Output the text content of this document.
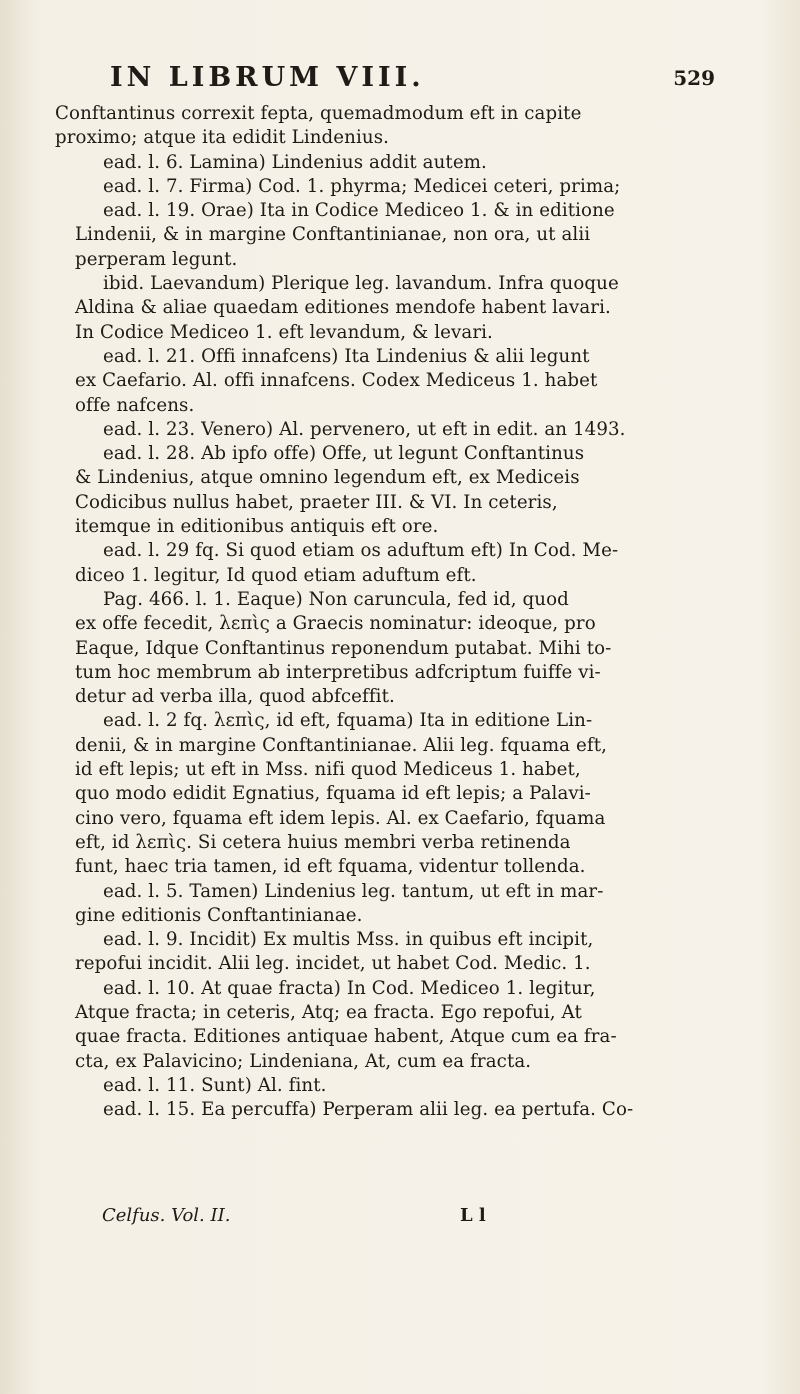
IN LIBRUM VIII.	529
Conftantinus correxit fepta, quemadmodum eft in capite
proximo; atque ita edidit Lindenius.
ead. l. 6. Lamina) Lindenius addit autem.
ead. l. 7. Firma) Cod. 1. phyrma; Medicei ceteri, prima;
ead. l. 19. Orae) Ita in Codice Mediceo 1. & in editione
Lindenii, & in margine Conftantinianae, non ora, ut alii
perperam legunt.
ibid. Laevandum) Plerique leg. lavandum. Infra quoque
Aldina & aliae quaedam editiones mendofe habent lavari.
In Codice Mediceo 1. eft levandum, & levari.
ead. l. 21. Offi innafcens) Ita Lindenius & alii legunt
ex Caefario. Al. offi innafcens. Codex Mediceus 1. habet
offe nafcens.
ead. l. 23. Venero) Al. pervenero, ut eft in edit. an 1493.
ead. l. 28. Ab ipfo offe) Offe, ut legunt Conftantinus
& Lindenius, atque omnino legendum eft, ex Mediceis
Codicibus nullus habet, praeter III. & VI. In ceteris,
itemque in editionibus antiquis eft ore.
ead. l. 29 fq. Si quod etiam os aduftum eft) In Cod. Me-
diceo 1. legitur, Id quod etiam aduftum eft.
Pag. 466. l. 1. Eaque) Non caruncula, fed id, quod
ex offe fecedit, λεπὶς a Graecis nominatur: ideoque, pro
Eaque, Idque Conftantinus reponendum putabat. Mihi to-
tum hoc membrum ab interpretibus adfcriptum fuiffe vi-
detur ad verba illa, quod abfceffit.
ead. l. 2 fq. λεπὶς, id eft, fquama) Ita in editione Lin-
denii, & in margine Conftantinianae. Alii leg. fquama eft,
id eft lepis; ut eft in Mss. nifi quod Mediceus 1. habet,
quo modo edidit Egnatius, fquama id eft lepis; a Palavi-
cino vero, fquama eft idem lepis. Al. ex Caefario, fquama
eft, id λεπὶς. Si cetera huius membri verba retinenda
funt, haec tria tamen, id eft fquama, videntur tollenda.
ead. l. 5. Tamen) Lindenius leg. tantum, ut eft in mar-
gine editionis Conftantinianae.
ead. l. 9. Incidit) Ex multis Mss. in quibus eft incipit,
repofui incidit. Alii leg. incidet, ut habet Cod. Medic. 1.
ead. l. 10. At quae fracta) In Cod. Mediceo 1. legitur,
Atque fracta; in ceteris, Atq; ea fracta. Ego repofui, At
quae fracta. Editiones antiquae habent, Atque cum ea fra-
cta, ex Palavicino; Lindeniana, At, cum ea fracta.
ead. l. 11. Sunt) Al. fint.
ead. l. 15. Ea percuffa) Perperam alii leg. ea pertufa. Co-
Celfus. Vol. II.	L l
